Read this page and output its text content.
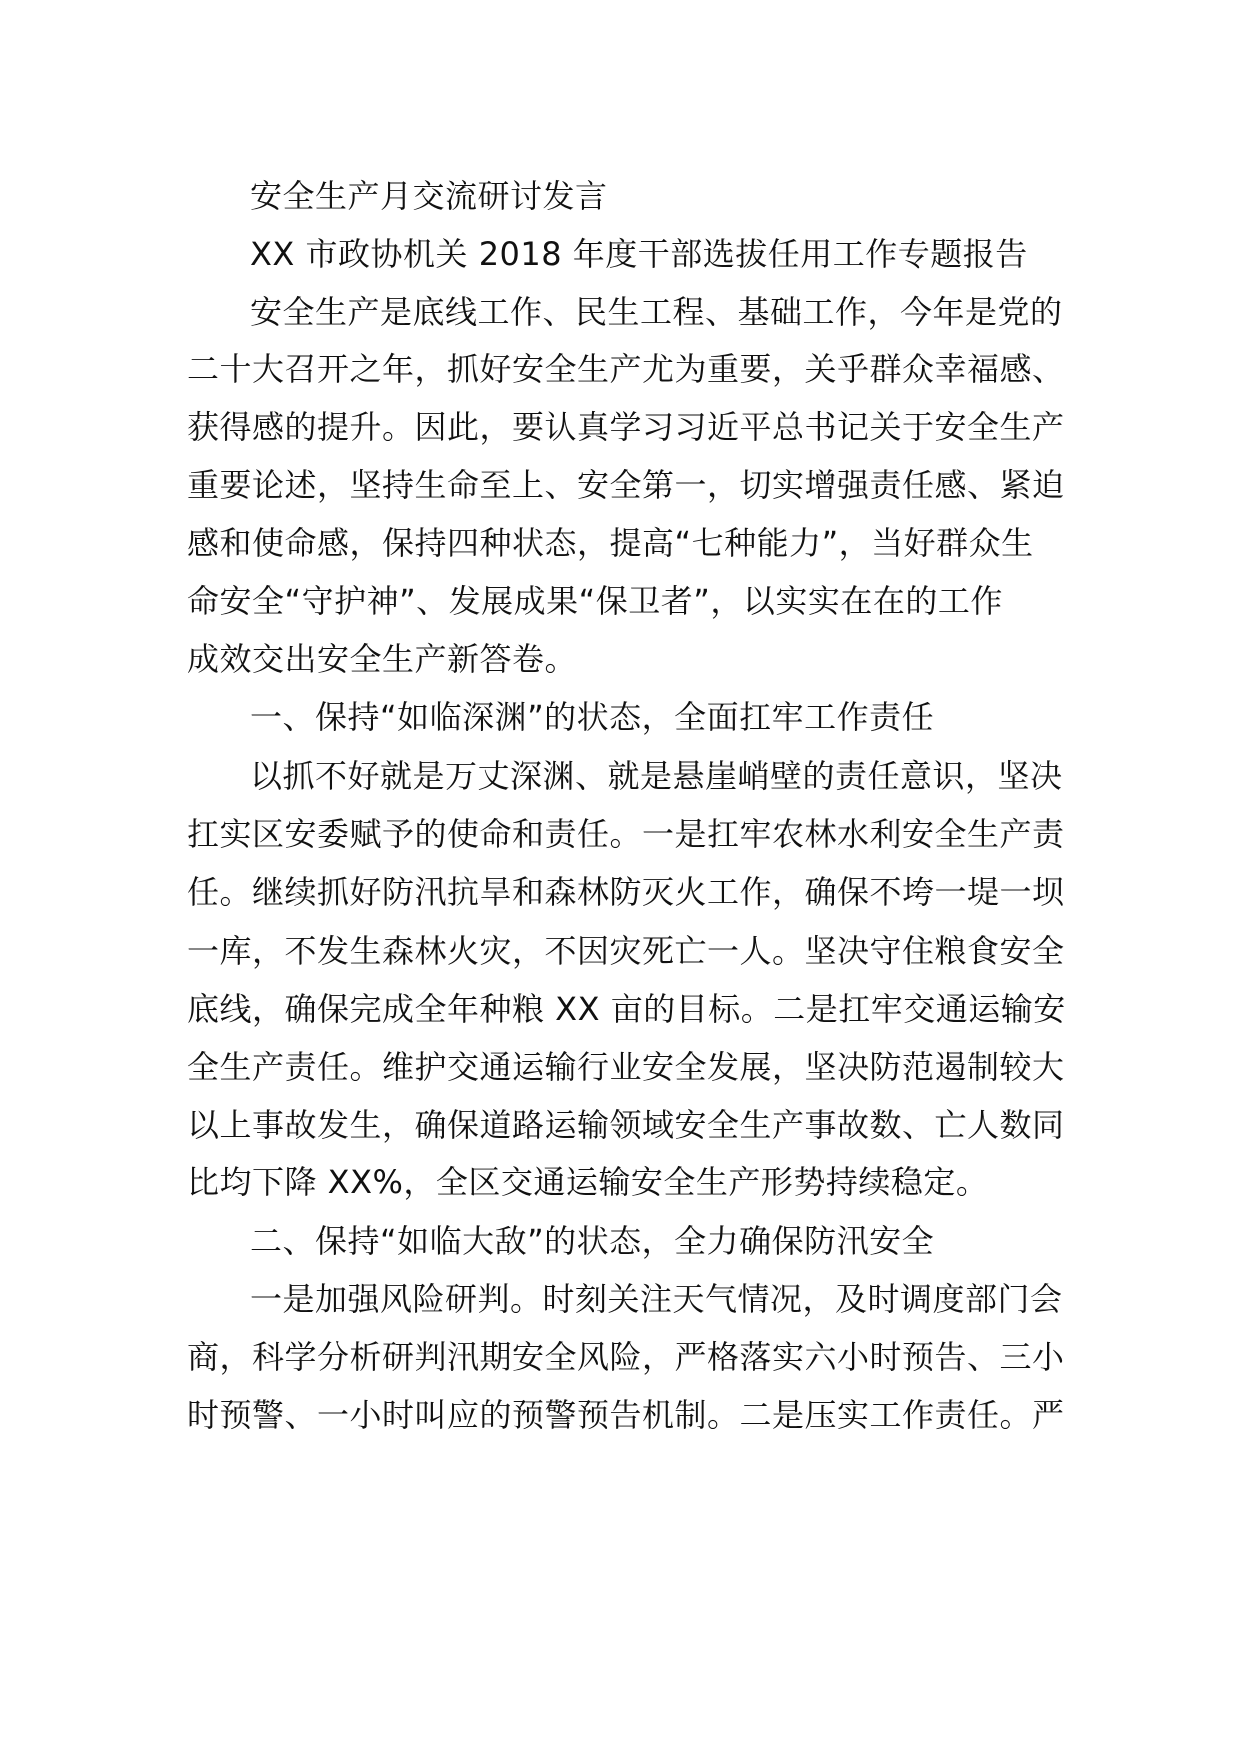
安全生产月交流研讨发言
XX 市政协机关 2018 年度干部选拔任用工作专题报告
安全生产是底线工作、民生工程、基础工作，今年是党的
二十大召开之年，抓好安全生产尤为重要，关乎群众幸福感、
获得感的提升。因此，要认真学习习近平总书记关于安全生产
重要论述，坚持生命至上、安全第一，切实增强责任感、紧迫
感和使命感，保持四种状态，提高“七种能力”，当好群众生
命安全“守护神”、发展成果“保卫者”，以实实在在的工作
成效交出安全生产新答卷。
一、保持“如临深渊”的状态，全面扛牢工作责任
以抓不好就是万丈深渊、就是悬崖峭壁的责任意识，坚决
扛实区安委赋予的使命和责任。一是扛牢农林水利安全生产责
任。继续抓好防汛抗旱和森林防灭火工作，确保不垮一堤一坝
一库，不发生森林火灾，不因灾死亡一人。坚决守住粮食安全
底线，确保完成全年种粮 XX 亩的目标。二是扛牢交通运输安
全生产责任。维护交通运输行业安全发展，坚决防范遏制较大
以上事故发生，确保道路运输领域安全生产事故数、亡人数同
比均下降 XX%，全区交通运输安全生产形势持续稳定。
二、保持“如临大敌”的状态，全力确保防汛安全
一是加强风险研判。时刻关注天气情况，及时调度部门会
商，科学分析研判汛期安全风险，严格落实六小时预告、三小
时预警、一小时叫应的预警预告机制。二是压实工作责任。严
